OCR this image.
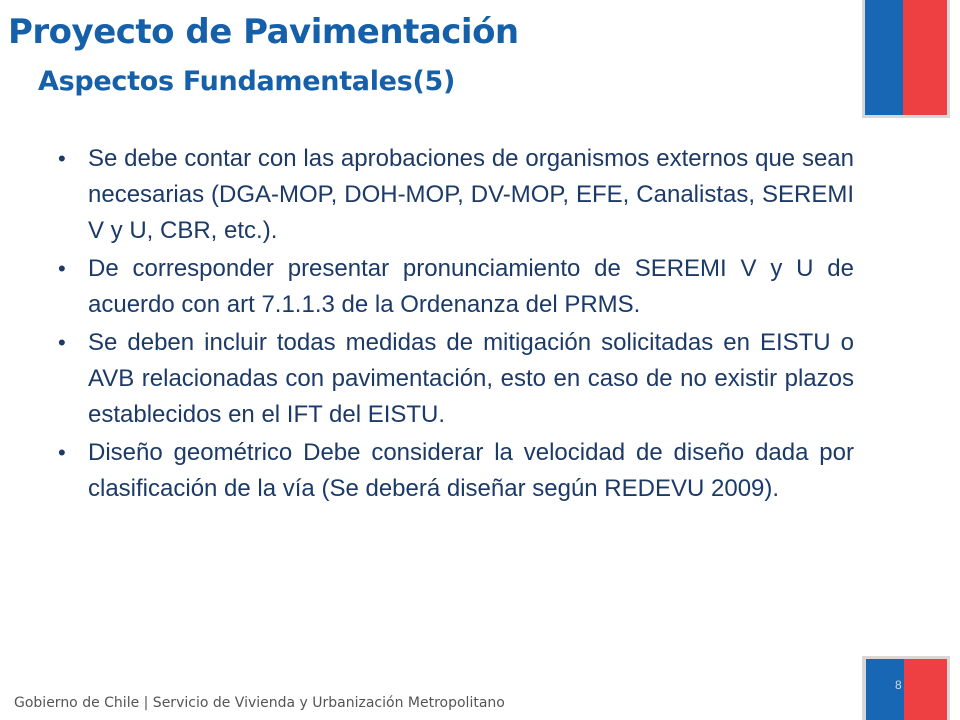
Proyecto de Pavimentación
Aspectos Fundamentales(5)
• Se debe contar con las aprobaciones de organismos externos que sean necesarias (DGA-MOP, DOH-MOP, DV-MOP, EFE, Canalistas, SEREMI V y U, CBR, etc.).
• De corresponder presentar pronunciamiento de SEREMI V y U de acuerdo con art 7.1.1.3 de la Ordenanza del PRMS.
• Se deben incluir todas medidas de mitigación solicitadas en EISTU o AVB relacionadas con pavimentación, esto en caso de no existir plazos establecidos en el IFT del EISTU.
• Diseño geométrico Debe considerar la velocidad de diseño dada por clasificación de la vía (Se deberá diseñar según REDEVU 2009).
8
Gobierno de Chile | Servicio de Vivienda y Urbanización Metropolitano
